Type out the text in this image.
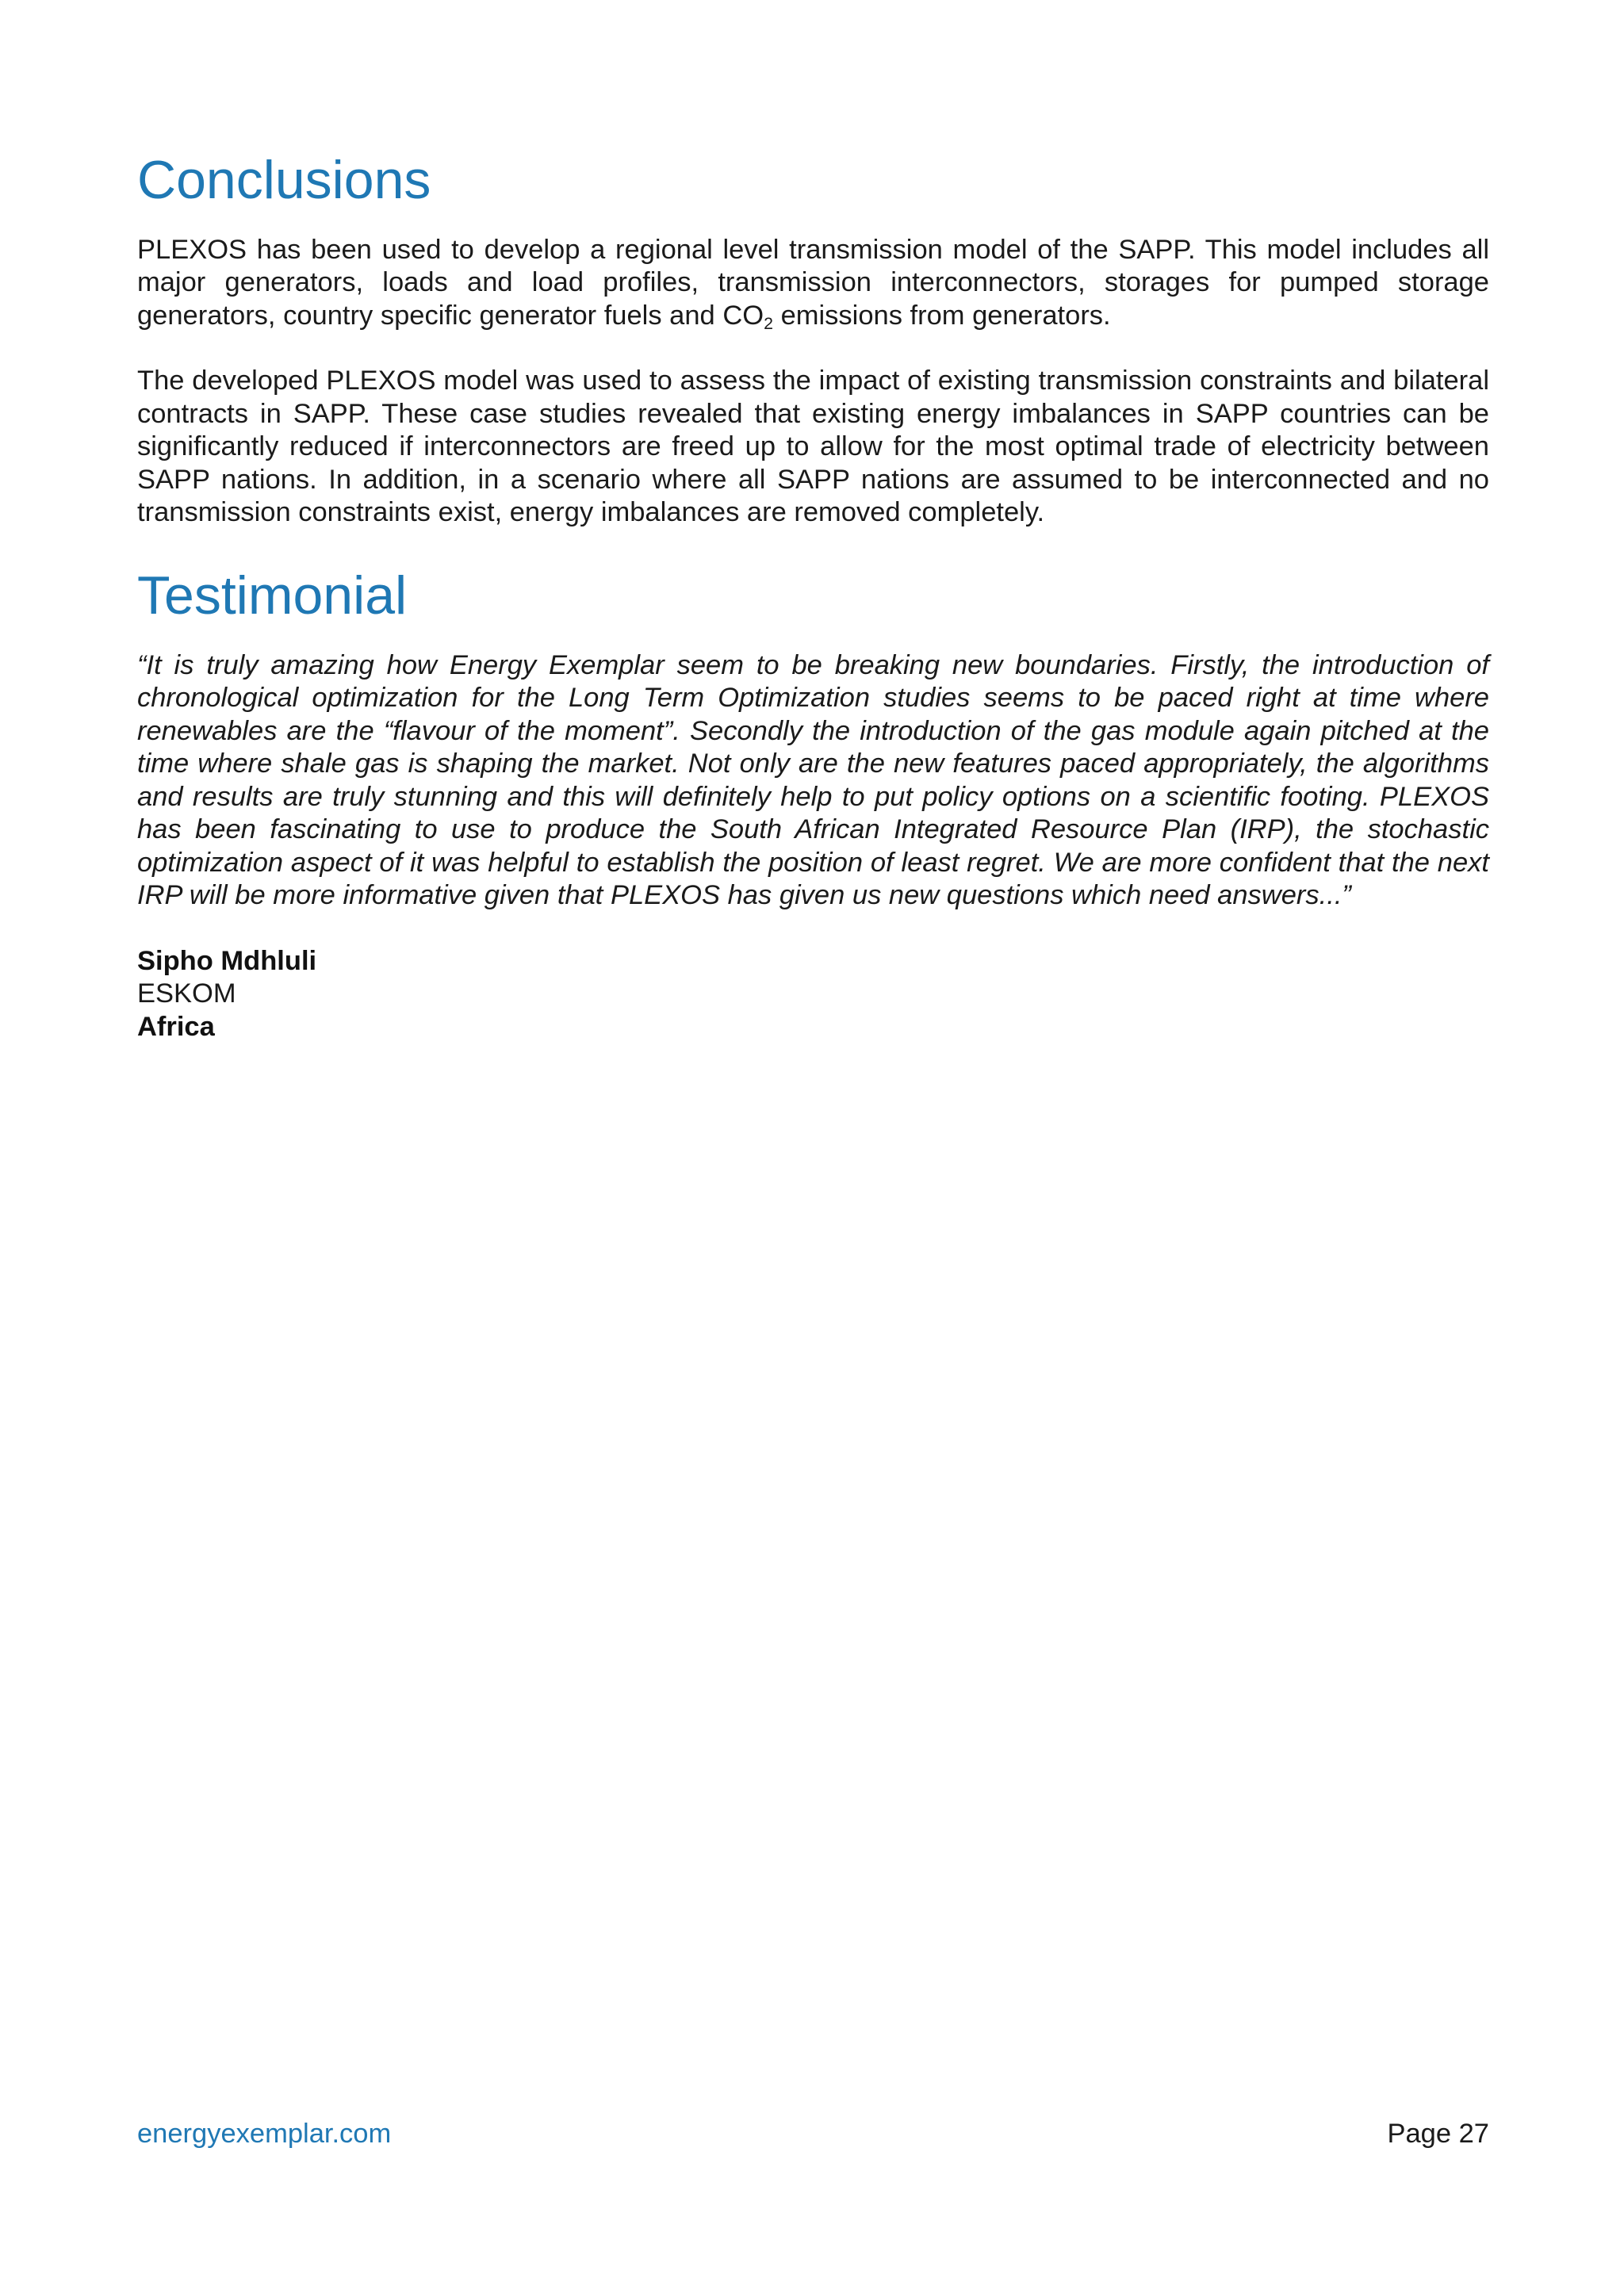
Conclusions

PLEXOS has been used to develop a regional level transmission model of the SAPP. This model includes all major generators, loads and load profiles, transmission interconnectors, storages for pumped storage generators, country specific generator fuels and $CO_2$ emissions from generators.

The developed PLEXOS model was used to assess the impact of existing transmission constraints and bilateral contracts in SAPP. These case studies revealed that existing energy imbalances in SAPP countries can be significantly reduced if interconnectors are freed up to allow for the most optimal trade of electricity between SAPP nations. In addition, in a scenario where all SAPP nations are assumed to be interconnected and no transmission constraints exist, energy imbalances are removed completely.

Testimonial

“It is truly amazing how Energy Exemplar seem to be breaking new boundaries. Firstly, the introduction of chronological optimization for the Long Term Optimization studies seems to be paced right at time where renewables are the “flavour of the moment”. Secondly the introduction of the gas module again pitched at the time where shale gas is shaping the market. Not only are the new features paced appropriately, the algorithms and results are truly stunning and this will definitely help to put policy options on a scientific footing. PLEXOS has been fascinating to use to produce the South African Integrated Resource Plan (IRP), the stochastic optimization aspect of it was helpful to establish the position of least regret. We are more confident that the next IRP will be more informative given that PLEXOS has given us new questions which need answers...”

Sipho Mdhluli
ESKOM
Africa
energyexemplar.com	Page 27
